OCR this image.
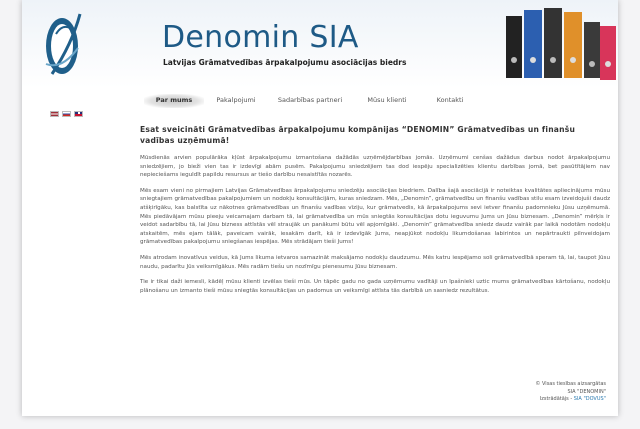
Denomin SIA
Latvijas Grāmatvedības ārpakalpojumu asociācijas biedrs
Par mums	Pakalpojumi	Sadarbības partneri	Mūsu klienti	Kontakti
Esat sveicināti Grāmatvedības ārpakalpojumu kompānijas “DENOMIN” Grāmatvedības un finanšu vadības uzņēmumā!

Mūsdienās arvien populārāka kļūst ārpakalpojumu izmantošana dažādās uzņēmējdarbības jomās. Uzņēmumi cenšas dažādus darbus nodot ārpakalpojumu sniedzējiem, jo bieži vien tas ir izdevīgi abām pusēm. Pakalpojumu sniedzējiem tas dod iespēju specializēties klientu darbības jomā, bet pasūtītājiem nav nepieciešams ieguldīt papildu resursus ar tiešo darbību nesaistītās nozarēs.

Mēs esam vieni no pirmajiem Latvijas Grāmatvedības ārpakalpojumu sniedzēju asociācijas biedriem. Dalība šajā asociācijā ir noteiktas kvalitātes apliecinājums mūsu sniegtajiem grāmatvedības pakalpojumiem un nodokļu konsultācijām, kuras sniedzam. Mēs, „Denomin”, grāmatvedību un finanšu vadības stilu esam izveidojuši daudz atšķirīgāku, kas balstīta uz nākotnes grāmatvedības un finanšu vadības vīziju, kur grāmatvedis, kā ārpakalpojums sevi ietver finanšu padomnieku Jūsu uzņēmumā. Mēs piedāvājam mūsu pieeju veicamajam darbam tā, lai grāmatvedība un mūs sniegtās konsultācijas dotu ieguvumu Jums un Jūsu biznesam. „Denomin” mērķis ir veidot sadarbību tā, lai Jūsu bizness attīstās vēl straujāk un panākumi būtu vēl apjomīgāki. „Denomin” grāmatvedība sniedz daudz vairāk par laikā nodotām nodokļu atskaitēm, mēs ejam tālāk, paveicam vairāk, iesakām darīt, kā ir izdevīgāk Jums, neapjūkot nodokļu likumdošanas labirintos un nepārtraukti pilnveidojam grāmatvedības pakalpojumu sniegšanas iespējas. Mēs strādājam tieši Jums!

Mēs atrodam inovatīvus veidus, kā Jums likuma ietvaros samazināt maksājamo nodokļu daudzumu. Mēs katru iespējamo soli grāmatvedībā speram tā, lai, taupot Jūsu naudu, padarītu Jūs veiksmīgākus. Mēs radām tiešu un nozīmīgu pienesumu Jūsu biznesam.

Tie ir tikai daži iemesli, kādēļ mūsu klienti izvēlas tieši mūs. Un tāpēc gadu no gada uzņēmumu vadītāji un īpašnieki uztic mums grāmatvedības kārtošanu, nodokļu plānošanu un izmanto tieši mūsu sniegtās konsultācijas un padomus un veiksmīgi attīsta tās darbībā un sasniedz rezultātus.

© Visas tiesības aizsargātas
SIA "DENOMIN"
Izstrādātājs - SIA "DOVUS"
